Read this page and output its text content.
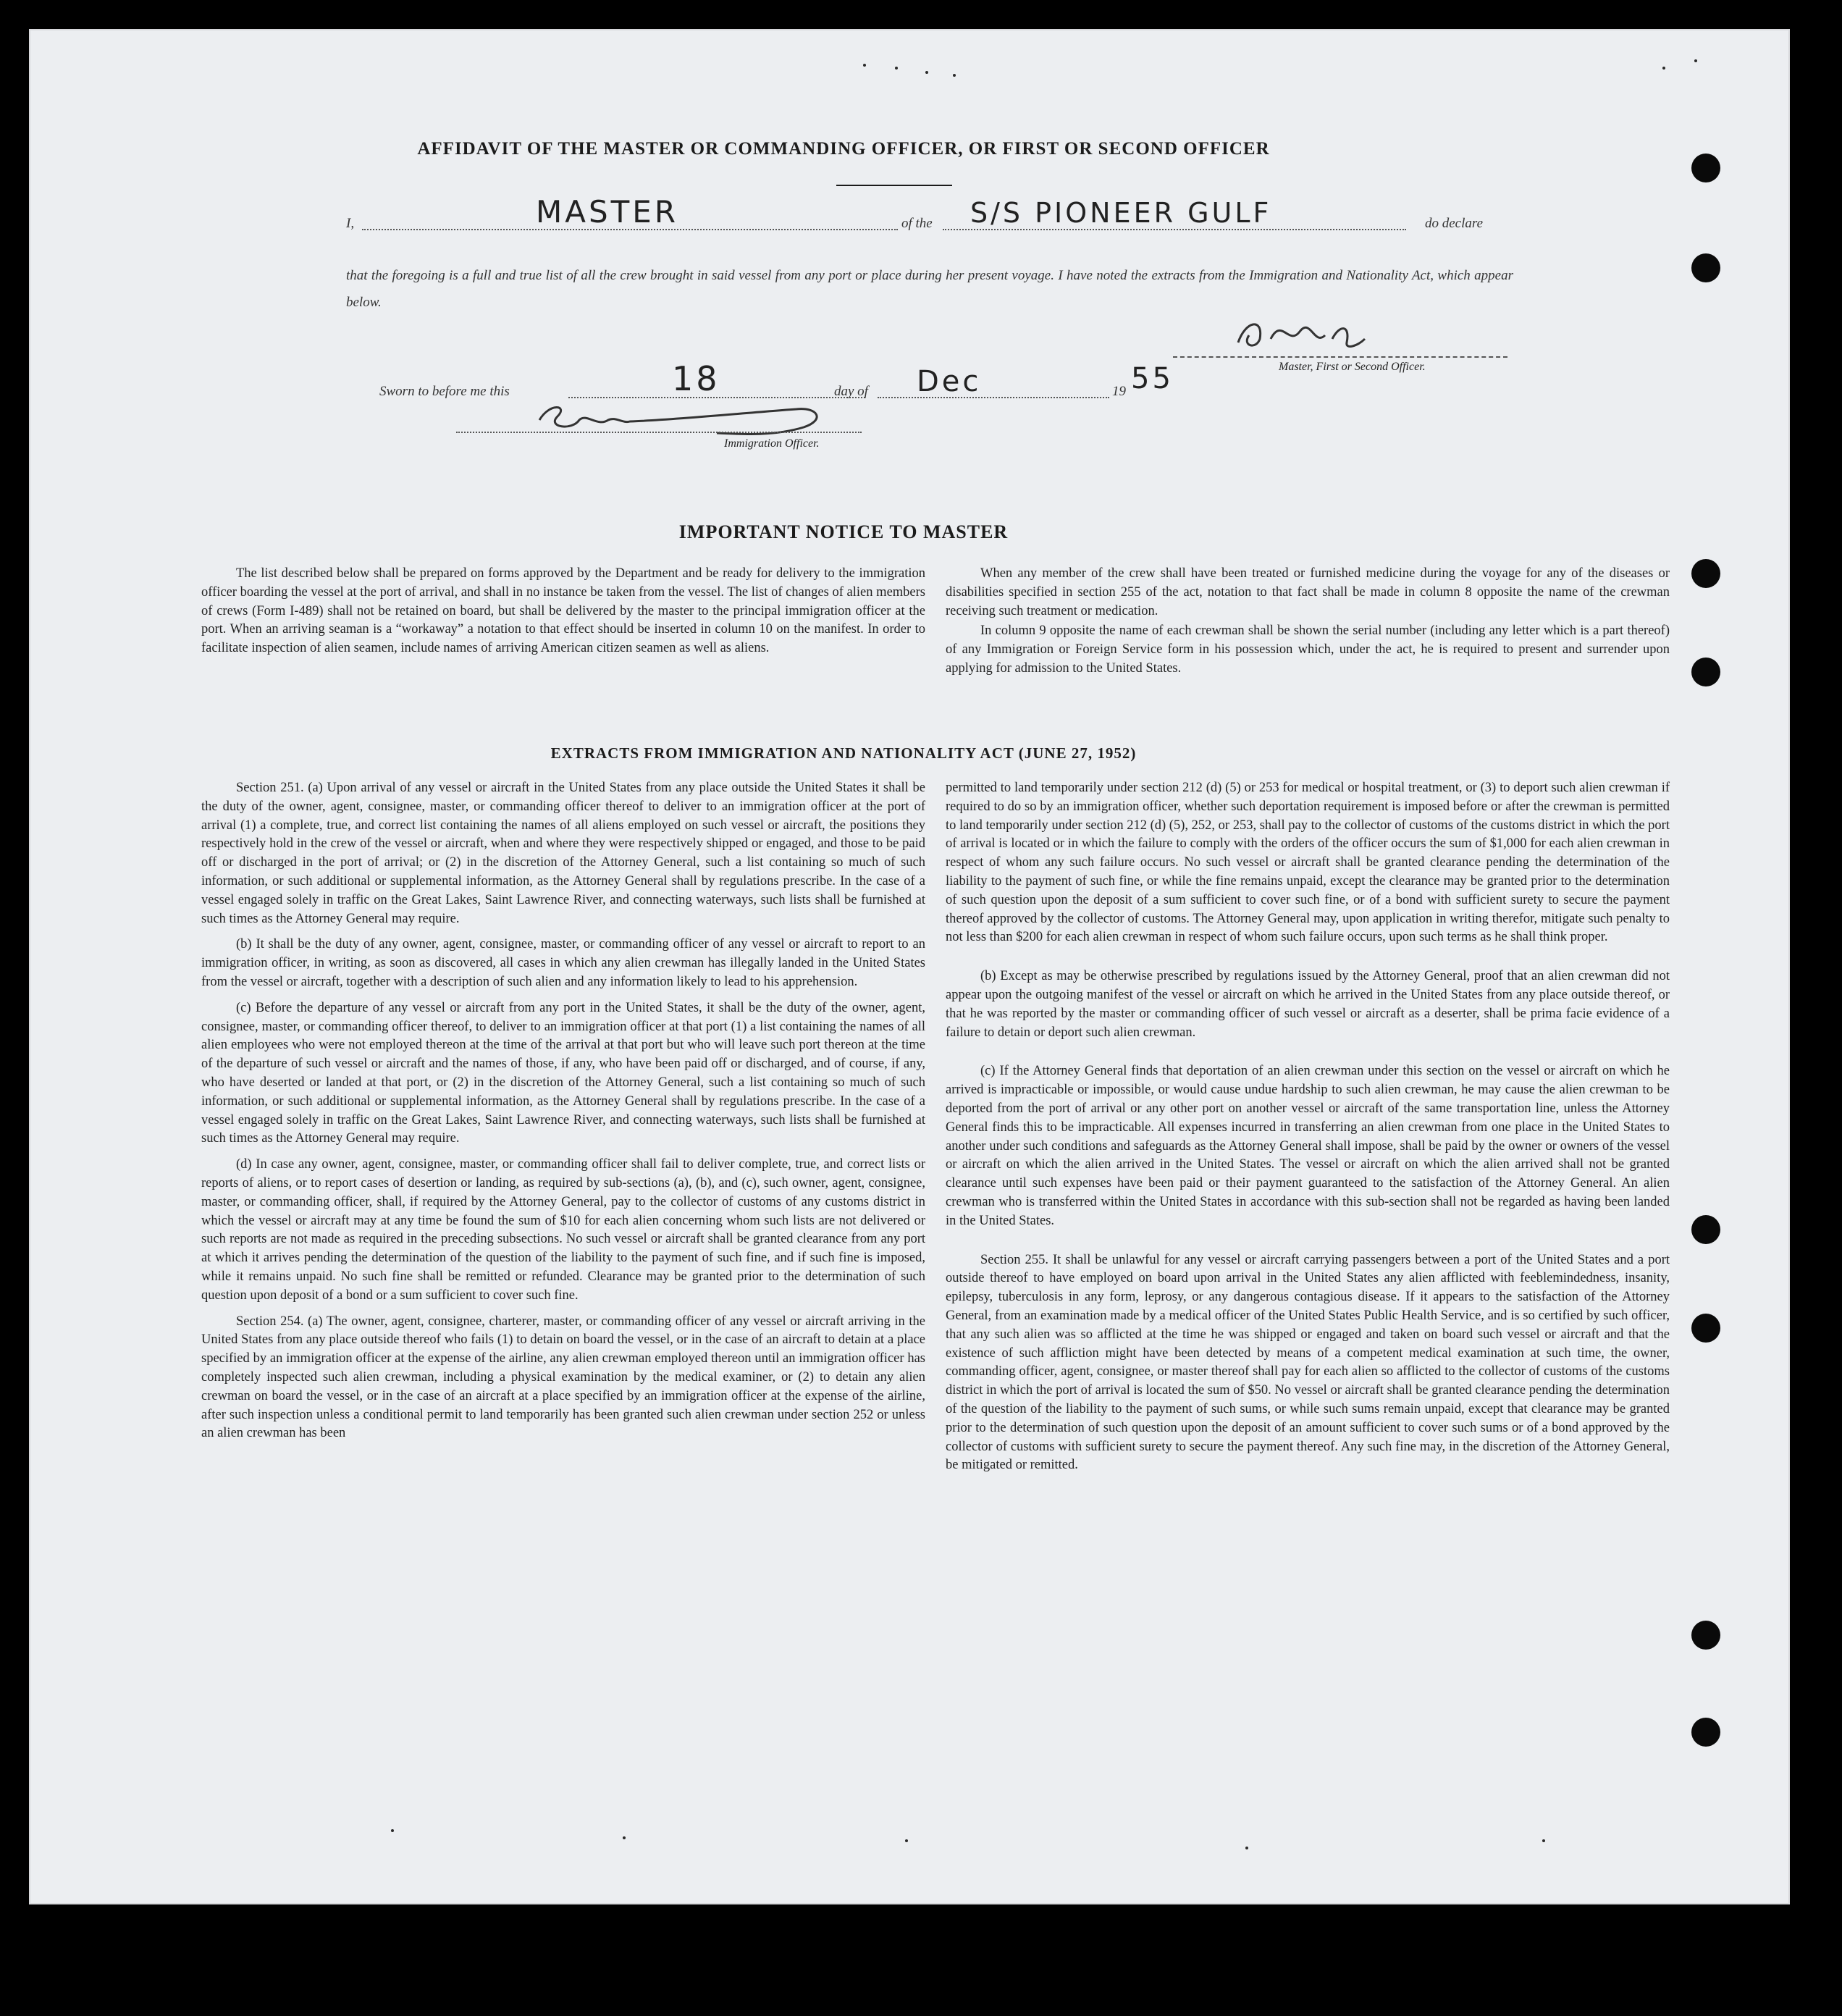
AFFIDAVIT OF THE MASTER OR COMMANDING OFFICER, OR FIRST OR SECOND OFFICER
I,	MASTER	of the S/S PIONEER GULF	do declare
that the foregoing is a full and true list of all the crew brought in said vessel from any port or place during her present voyage. I have noted the extracts from the Immigration and Nationality Act, which appear below.
Master, First or Second Officer.
Sworn to before me this	18	day of Dec	19 55
Immigration Officer.
IMPORTANT NOTICE TO MASTER

The list described below shall be prepared on forms approved by the Department and be ready for delivery to the immigration officer boarding the vessel at the port of arrival, and shall in no instance be taken from the vessel. The list of changes of alien members of crews (Form I-489) shall not be retained on board, but shall be delivered by the master to the principal immigration officer at the port. When an arriving seaman is a “workaway” a notation to that effect should be inserted in column 10 on the manifest. In order to facilitate inspection of alien seamen, include names of arriving American citizen seamen as well as aliens.

When any member of the crew shall have been treated or furnished medicine during the voyage for any of the diseases or disabilities specified in section 255 of the act, notation to that fact shall be made in column 8 opposite the name of the crewman receiving such treatment or medication.

In column 9 opposite the name of each crewman shall be shown the serial number (including any letter which is a part thereof) of any Immigration or Foreign Service form in his possession which, under the act, he is required to present and surrender upon applying for admission to the United States.

EXTRACTS FROM IMMIGRATION AND NATIONALITY ACT (JUNE 27, 1952)

Section 251. (a) Upon arrival of any vessel or aircraft in the United States from any place outside the United States it shall be the duty of the owner, agent, consignee, master, or commanding officer thereof to deliver to an immigration officer at the port of arrival (1) a complete, true, and correct list containing the names of all aliens employed on such vessel or aircraft, the positions they respectively hold in the crew of the vessel or aircraft, when and where they were respectively shipped or engaged, and those to be paid off or discharged in the port of arrival; or (2) in the discretion of the Attorney General, such a list containing so much of such information, or such additional or supplemental information, as the Attorney General shall by regulations prescribe. In the case of a vessel engaged solely in traffic on the Great Lakes, Saint Lawrence River, and connecting waterways, such lists shall be furnished at such times as the Attorney General may require.

(b) It shall be the duty of any owner, agent, consignee, master, or commanding officer of any vessel or aircraft to report to an immigration officer, in writing, as soon as discovered, all cases in which any alien crewman has illegally landed in the United States from the vessel or aircraft, together with a description of such alien and any information likely to lead to his apprehension.

(c) Before the departure of any vessel or aircraft from any port in the United States, it shall be the duty of the owner, agent, consignee, master, or commanding officer thereof, to deliver to an immigration officer at that port (1) a list containing the names of all alien employees who were not employed thereon at the time of the arrival at that port but who will leave such port thereon at the time of the departure of such vessel or aircraft and the names of those, if any, who have been paid off or discharged, and of course, if any, who have deserted or landed at that port, or (2) in the discretion of the Attorney General, such a list containing so much of such information, or such additional or supplemental information, as the Attorney General shall by regulations prescribe. In the case of a vessel engaged solely in traffic on the Great Lakes, Saint Lawrence River, and connecting waterways, such lists shall be furnished at such times as the Attorney General may require.

(d) In case any owner, agent, consignee, master, or commanding officer shall fail to deliver complete, true, and correct lists or reports of aliens, or to report cases of desertion or landing, as required by sub-sections (a), (b), and (c), such owner, agent, consignee, master, or commanding officer, shall, if required by the Attorney General, pay to the collector of customs of any customs district in which the vessel or aircraft may at any time be found the sum of $10 for each alien concerning whom such lists are not delivered or such reports are not made as required in the preceding subsections. No such vessel or aircraft shall be granted clearance from any port at which it arrives pending the determination of the question of the liability to the payment of such fine, and if such fine is imposed, while it remains unpaid. No such fine shall be remitted or refunded. Clearance may be granted prior to the determination of such question upon deposit of a bond or a sum sufficient to cover such fine.

Section 254. (a) The owner, agent, consignee, charterer, master, or commanding officer of any vessel or aircraft arriving in the United States from any place outside thereof who fails (1) to detain on board the vessel, or in the case of an aircraft to detain at a place specified by an immigration officer at the expense of the airline, any alien crewman employed thereon until an immigration officer has completely inspected such alien crewman, including a physical examination by the medical examiner, or (2) to detain any alien crewman on board the vessel, or in the case of an aircraft at a place specified by an immigration officer at the expense of the airline, after such inspection unless a conditional permit to land temporarily has been granted such alien crewman under section 252 or unless an alien crewman has been

permitted to land temporarily under section 212 (d) (5) or 253 for medical or hospital treatment, or (3) to deport such alien crewman if required to do so by an immigration officer, whether such deportation requirement is imposed before or after the crewman is permitted to land temporarily under section 212 (d) (5), 252, or 253, shall pay to the collector of customs of the customs district in which the port of arrival is located or in which the failure to comply with the orders of the officer occurs the sum of $1,000 for each alien crewman in respect of whom any such failure occurs. No such vessel or aircraft shall be granted clearance pending the determination of the liability to the payment of such fine, or while the fine remains unpaid, except the clearance may be granted prior to the determination of such question upon the deposit of a sum sufficient to cover such fine, or of a bond with sufficient surety to secure the payment thereof approved by the collector of customs. The Attorney General may, upon application in writing therefor, mitigate such penalty to not less than $200 for each alien crewman in respect of whom such failure occurs, upon such terms as he shall think proper.

(b) Except as may be otherwise prescribed by regulations issued by the Attorney General, proof that an alien crewman did not appear upon the outgoing manifest of the vessel or aircraft on which he arrived in the United States from any place outside thereof, or that he was reported by the master or commanding officer of such vessel or aircraft as a deserter, shall be prima facie evidence of a failure to detain or deport such alien crewman.

(c) If the Attorney General finds that deportation of an alien crewman under this section on the vessel or aircraft on which he arrived is impracticable or impossible, or would cause undue hardship to such alien crewman, he may cause the alien crewman to be deported from the port of arrival or any other port on another vessel or aircraft of the same transportation line, unless the Attorney General finds this to be impracticable. All expenses incurred in transferring an alien crewman from one place in the United States to another under such conditions and safeguards as the Attorney General shall impose, shall be paid by the owner or owners of the vessel or aircraft on which the alien arrived in the United States. The vessel or aircraft on which the alien arrived shall not be granted clearance until such expenses have been paid or their payment guaranteed to the satisfaction of the Attorney General. An alien crewman who is transferred within the United States in accordance with this sub-section shall not be regarded as having been landed in the United States.

Section 255. It shall be unlawful for any vessel or aircraft carrying passengers between a port of the United States and a port outside thereof to have employed on board upon arrival in the United States any alien afflicted with feeblemindedness, insanity, epilepsy, tuberculosis in any form, leprosy, or any dangerous contagious disease. If it appears to the satisfaction of the Attorney General, from an examination made by a medical officer of the United States Public Health Service, and is so certified by such officer, that any such alien was so afflicted at the time he was shipped or engaged and taken on board such vessel or aircraft and that the existence of such affliction might have been detected by means of a competent medical examination at such time, the owner, commanding officer, agent, consignee, or master thereof shall pay for each alien so afflicted to the collector of customs of the customs district in which the port of arrival is located the sum of $50. No vessel or aircraft shall be granted clearance pending the determination of the question of the liability to the payment of such sums, or while such sums remain unpaid, except that clearance may be granted prior to the determination of such question upon the deposit of an amount sufficient to cover such sums or of a bond approved by the collector of customs with sufficient surety to secure the payment thereof. Any such fine may, in the discretion of the Attorney General, be mitigated or remitted.
